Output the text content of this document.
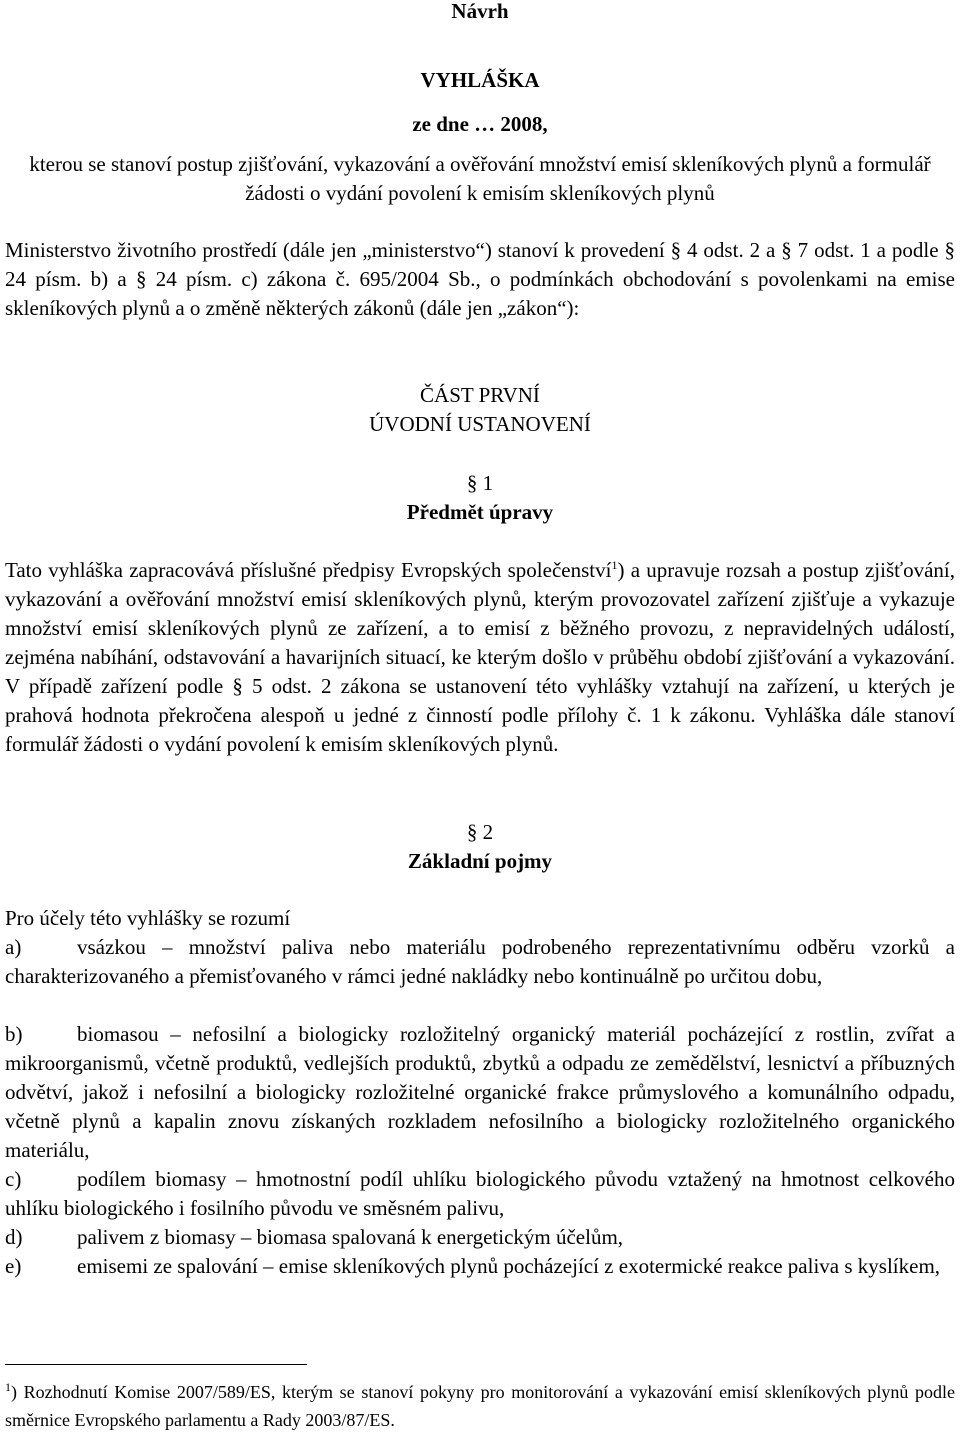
Návrh
VYHLÁŠKA
ze dne … 2008,
kterou se stanoví postup zjišťování, vykazování a ověřování množství emisí skleníkových plynů a formulář žádosti o vydání povolení k emisím skleníkových plynů
Ministerstvo životního prostředí (dále jen „ministerstvo“) stanoví k provedení § 4 odst. 2 a § 7 odst. 1 a podle § 24 písm. b) a § 24 písm. c) zákona č. 695/2004 Sb., o podmínkách obchodování s povolenkami na emise skleníkových plynů a o změně některých zákonů (dále jen „zákon“):
ČÁST PRVNÍ
ÚVODNÍ USTANOVENÍ
§ 1
Předmět úpravy
Tato vyhláška zapracovává příslušné předpisy Evropských společenství$^1$) a upravuje rozsah a postup zjišťování, vykazování a ověřování množství emisí skleníkových plynů, kterým provozovatel zařízení zjišťuje a vykazuje množství emisí skleníkových plynů ze zařízení, a to emisí z běžného provozu, z nepravidelných událostí, zejména nabíhání, odstavování a havarijních situací, ke kterým došlo v průběhu období zjišťování a vykazování. V případě zařízení podle § 5 odst. 2 zákona se ustanovení této vyhlášky vztahují na zařízení, u kterých je prahová hodnota překročena alespoň u jedné z činností podle přílohy č. 1 k zákonu. Vyhláška dále stanoví formulář žádosti o vydání povolení k emisím skleníkových plynů.
§ 2
Základní pojmy
Pro účely této vyhlášky se rozumí
a)	vsázkou – množství paliva nebo materiálu podrobeného reprezentativnímu odběru vzorků a charakterizovaného a přemisťovaného v rámci jedné nakládky nebo kontinuálně po určitou dobu,
b)	biomasou – nefosilní a biologicky rozložitelný organický materiál pocházející z rostlin, zvířat a mikroorganismů, včetně produktů, vedlejších produktů, zbytků a odpadu ze zemědělství, lesnictví a příbuzných odvětví, jakož i nefosilní a biologicky rozložitelné organické frakce průmyslového a komunálního odpadu, včetně plynů a kapalin znovu získaných rozkladem nefosilního a biologicky rozložitelného organického materiálu,
c)	podílem biomasy – hmotnostní podíl uhlíku biologického původu vztažený na hmotnost celkového uhlíku biologického i fosilního původu ve směsném palivu,
d)	palivem z biomasy – biomasa spalovaná k energetickým účelům,
e)	emisemi ze spalování – emise skleníkových plynů pocházející z exotermické reakce paliva s kyslíkem,
$^1$) Rozhodnutí Komise 2007/589/ES, kterým se stanoví pokyny pro monitorování a vykazování emisí skleníkových plynů podle směrnice Evropského parlamentu a Rady 2003/87/ES.
